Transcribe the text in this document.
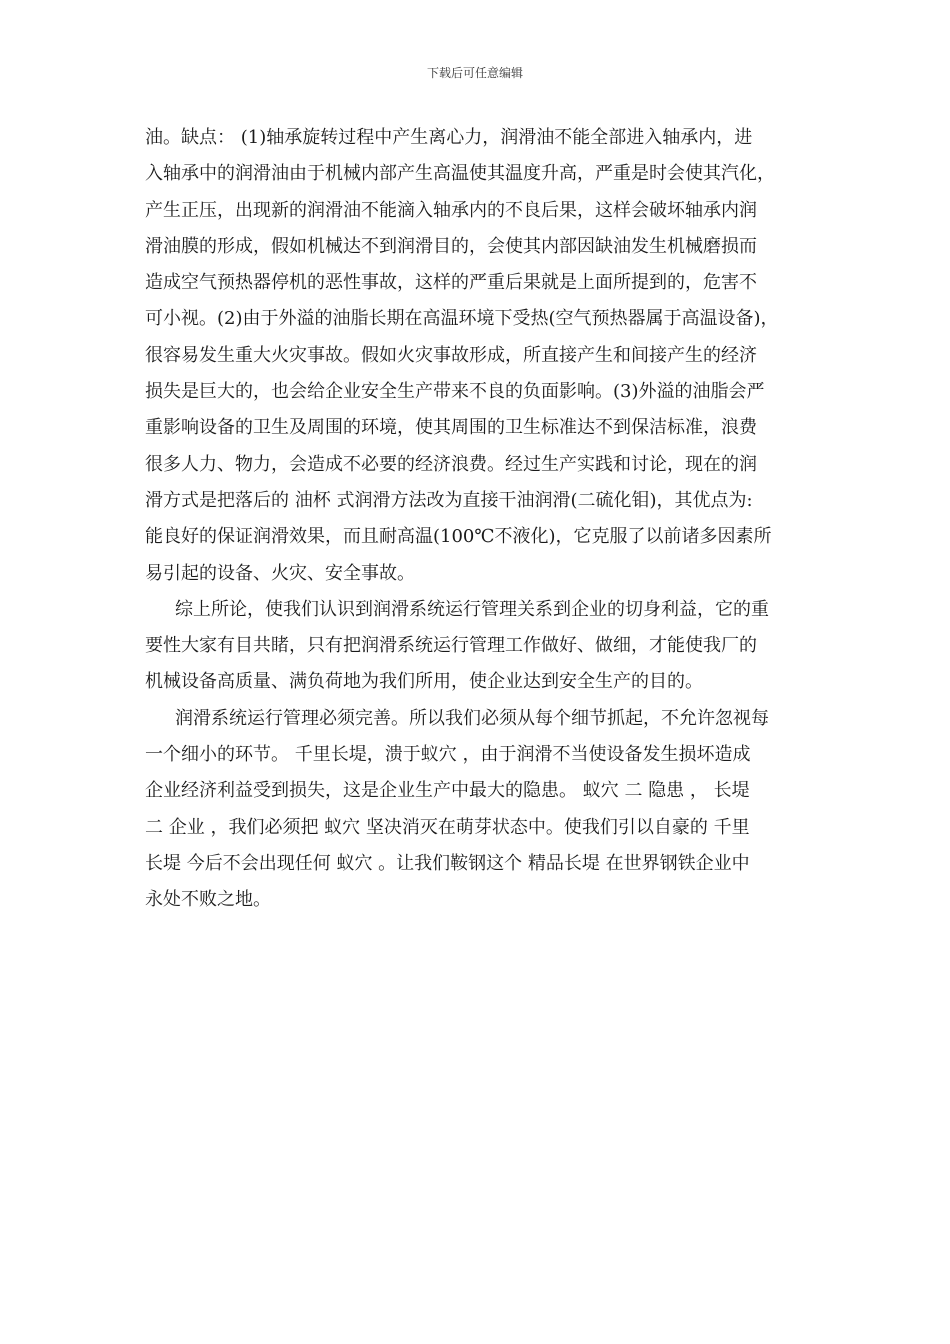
下载后可任意编辑
油。缺点： (1)轴承旋转过程中产生离心力，润滑油不能全部进入轴承内，进
入轴承中的润滑油由于机械内部产生高温使其温度升高，严重是时会使其汽化，
产生正压，出现新的润滑油不能滴入轴承内的不良后果，这样会破坏轴承内润
滑油膜的形成，假如机械达不到润滑目的，会使其内部因缺油发生机械磨损而
造成空气预热器停机的恶性事故，这样的严重后果就是上面所提到的，危害不
可小视。(2)由于外溢的油脂长期在高温环境下受热(空气预热器属于高温设备)，
很容易发生重大火灾事故。假如火灾事故形成，所直接产生和间接产生的经济
损失是巨大的，也会给企业安全生产带来不良的负面影响。(3)外溢的油脂会严
重影响设备的卫生及周围的环境，使其周围的卫生标准达不到保洁标准，浪费
很多人力、物力，会造成不必要的经济浪费。经过生产实践和讨论，现在的润
滑方式是把落后的 油杯 式润滑方法改为直接干油润滑(二硫化钼)，其优点为:
能良好的保证润滑效果，而且耐高温(100℃不液化)，它克服了以前诸多因素所
易引起的设备、火灾、安全事故。
综上所论，使我们认识到润滑系统运行管理关系到企业的切身利益，它的重
要性大家有目共睹，只有把润滑系统运行管理工作做好、做细，才能使我厂的
机械设备高质量、满负荷地为我们所用，使企业达到安全生产的目的。
润滑系统运行管理必须完善。所以我们必须从每个细节抓起，不允许忽视每
一个细小的环节。 千里长堤，溃于蚁穴 ，由于润滑不当使设备发生损坏造成
企业经济利益受到损失，这是企业生产中最大的隐患。 蚁穴 二 隐患 ， 长堤
二 企业 ，我们必须把 蚁穴 坚决消灭在萌芽状态中。使我们引以自豪的 千里
长堤 今后不会出现任何 蚁穴 。让我们鞍钢这个 精品长堤 在世界钢铁企业中
永处不败之地。
